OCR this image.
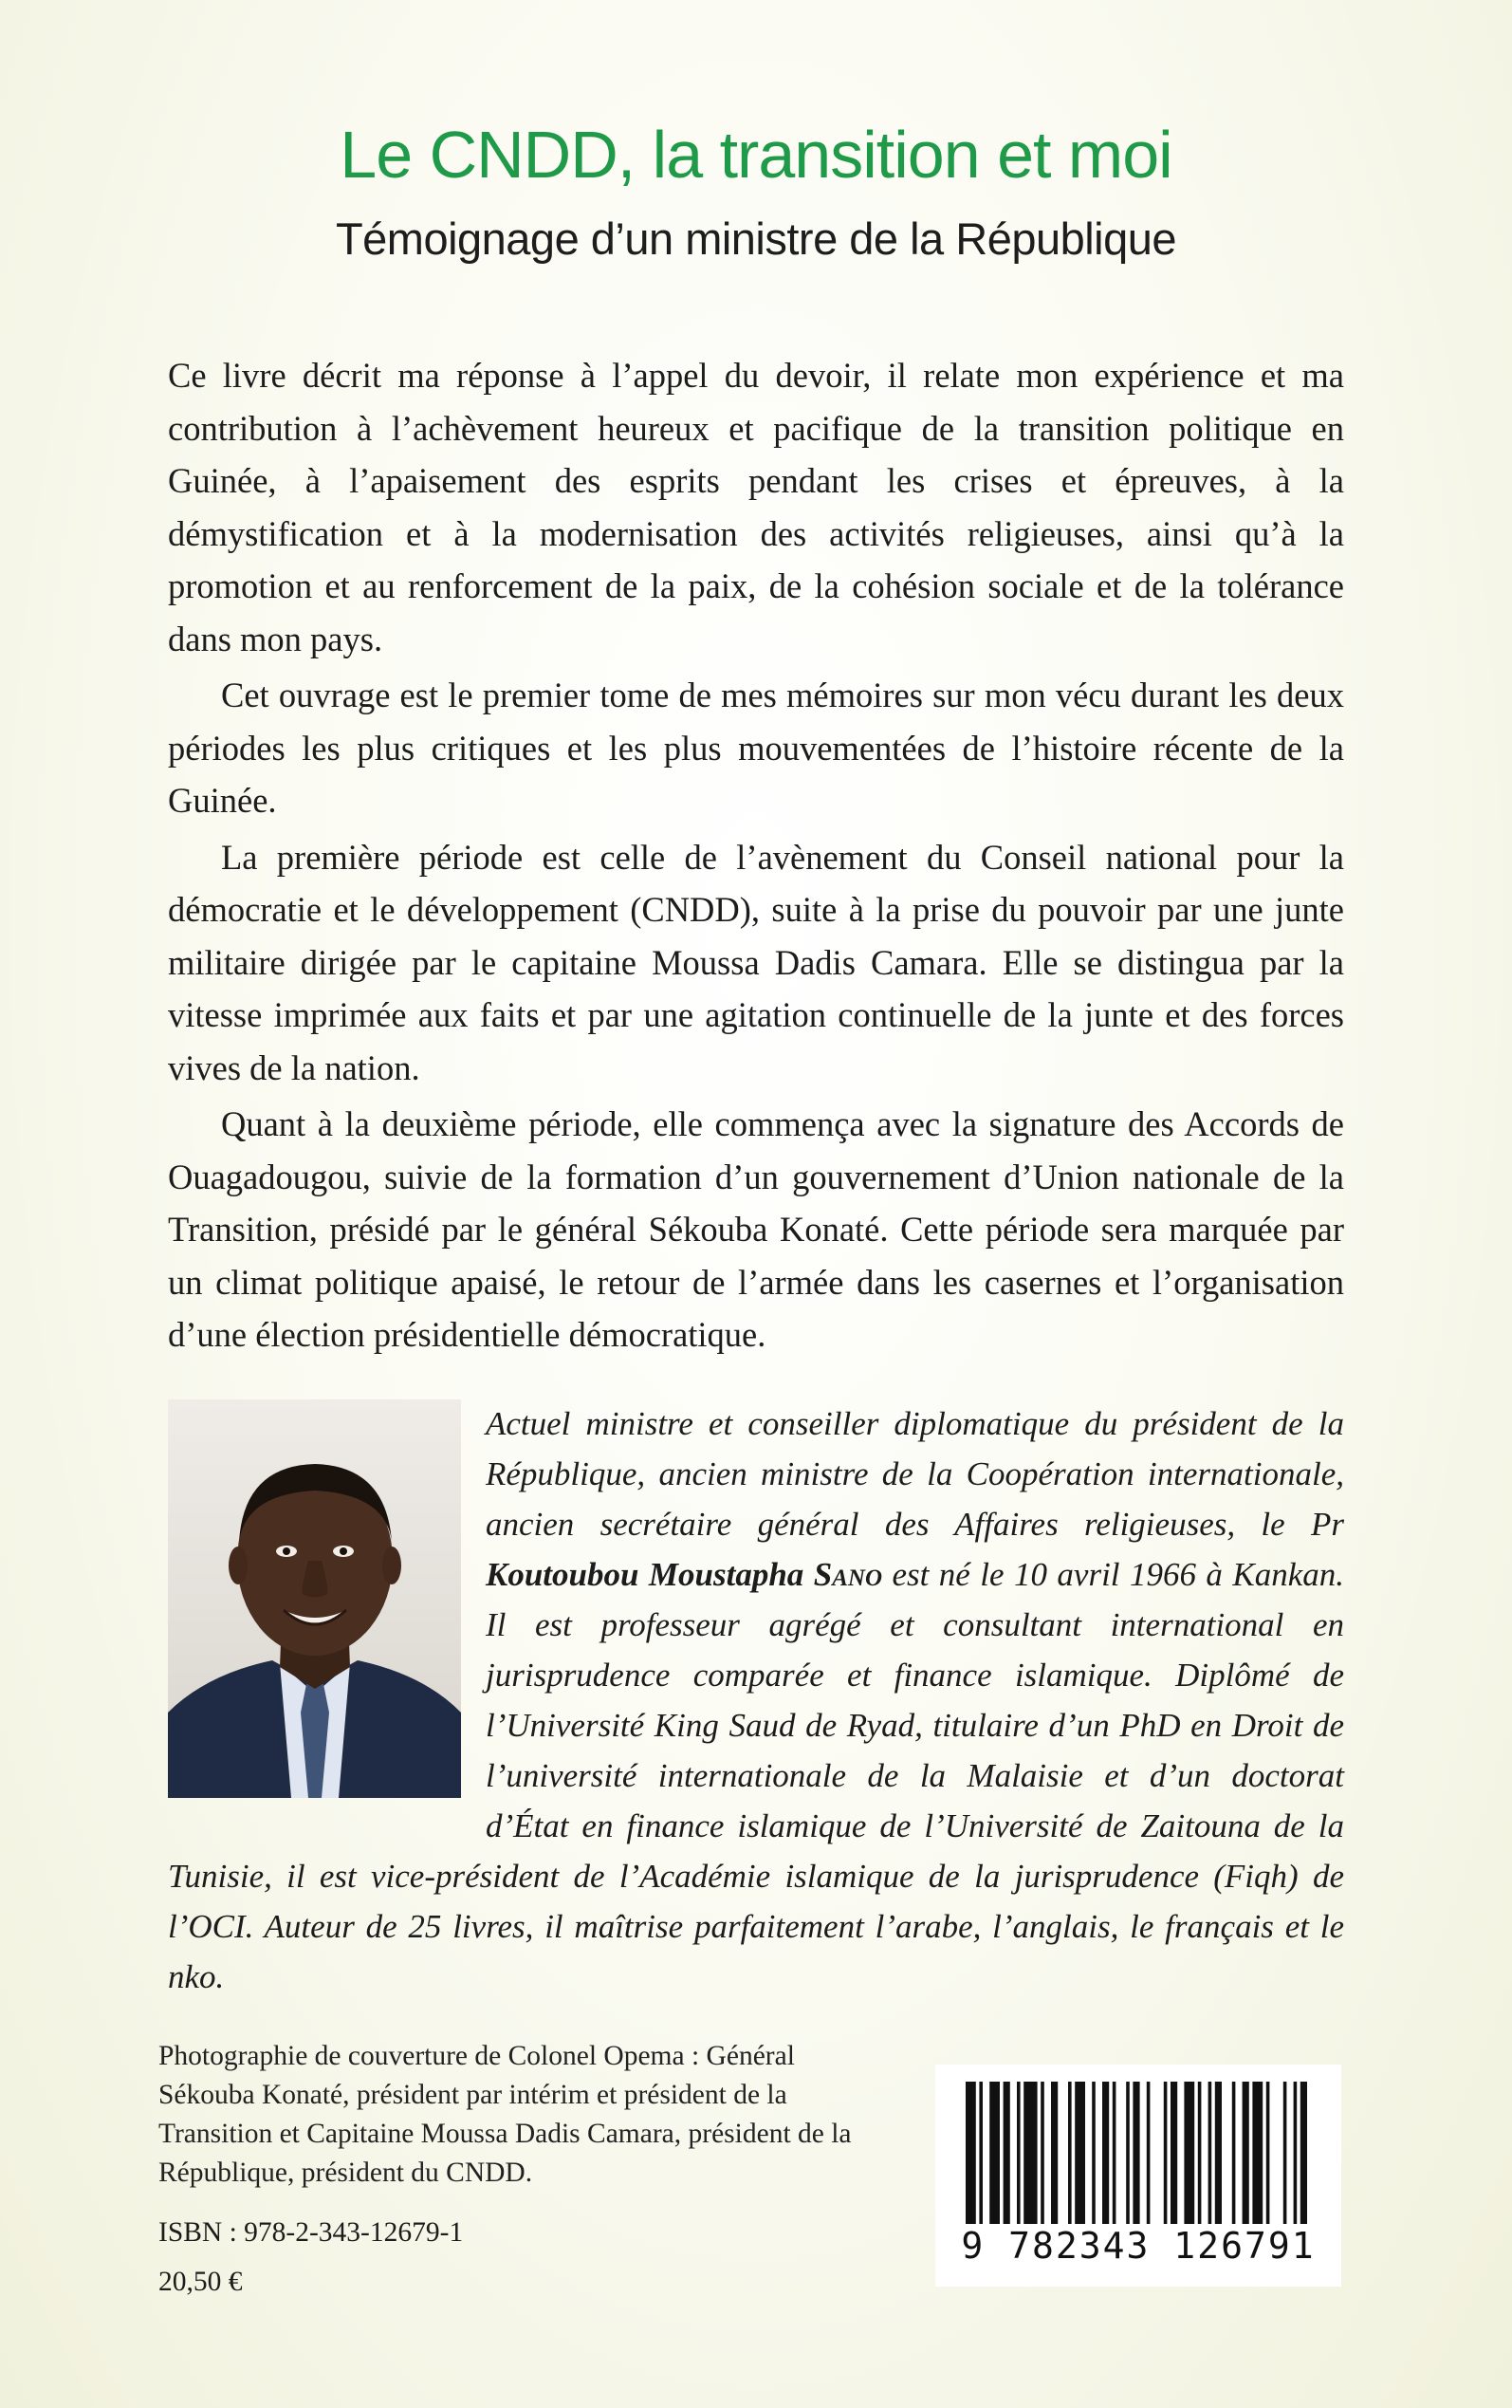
Le CNDD, la transition et moi
Témoignage d’un ministre de la République

Ce livre décrit ma réponse à l’appel du devoir, il relate mon expérience et ma contribution à l’achèvement heureux et pacifique de la transition politique en Guinée, à l’apaisement des esprits pendant les crises et épreuves, à la démystification et à la modernisation des activités religieuses, ainsi qu’à la promotion et au renforcement de la paix, de la cohésion sociale et de la tolérance dans mon pays.

Cet ouvrage est le premier tome de mes mémoires sur mon vécu durant les deux périodes les plus critiques et les plus mouvementées de l’histoire récente de la Guinée.

La première période est celle de l’avènement du Conseil national pour la démocratie et le développement (CNDD), suite à la prise du pouvoir par une junte militaire dirigée par le capitaine Moussa Dadis Camara. Elle se distingua par la vitesse imprimée aux faits et par une agitation continuelle de la junte et des forces vives de la nation.

Quant à la deuxième période, elle commença avec la signature des Accords de Ouagadougou, suivie de la formation d’un gouvernement d’Union nationale de la Transition, présidé par le général Sékouba Konaté. Cette période sera marquée par un climat politique apaisé, le retour de l’armée dans les casernes et l’organisation d’une élection présidentielle démocratique.

Actuel ministre et conseiller diplomatique du président de la République, ancien ministre de la Coopération internationale, ancien secrétaire général des Affaires religieuses, le Pr Koutoubou Moustapha Sano est né le 10 avril 1966 à Kankan. Il est professeur agrégé et consultant international en jurisprudence comparée et finance islamique. Diplômé de l’Université King Saud de Ryad, titulaire d’un PhD en Droit de l’université internationale de la Malaisie et d’un doctorat d’État en finance islamique de l’Université de Zaitouna de la Tunisie, il est vice-président de l’Académie islamique de la jurisprudence (Fiqh) de l’OCI. Auteur de 25 livres, il maîtrise parfaitement l’arabe, l’anglais, le français et le nko.
Photographie de couverture de Colonel Opema : Général Sékouba Konaté, président par intérim et président de la Transition et Capitaine Moussa Dadis Camara, président de la République, président du CNDD.
ISBN : 978-2-343-12679-1
20,50 €
9 782343 126791
